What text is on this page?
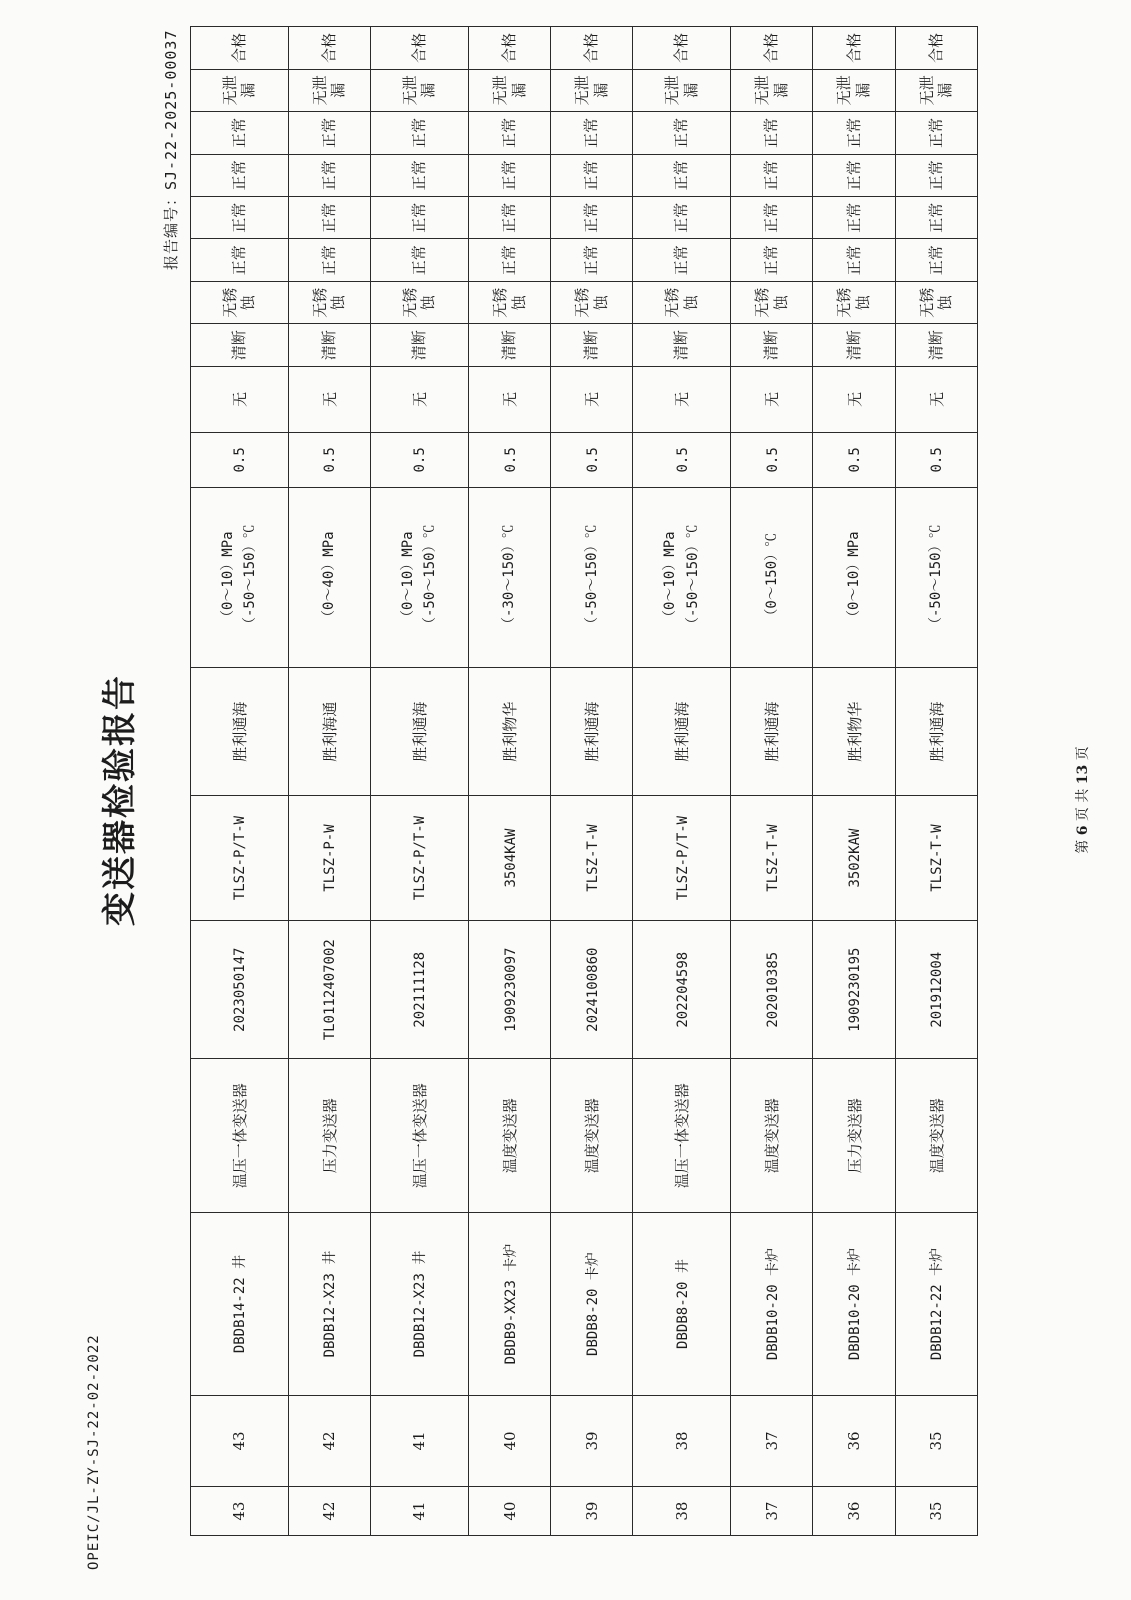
OPEIC/JL-ZY-SJ-22-02-2022
变送器检验报告
报告编号：SJ-22-2025-00037
43	43	DBDB14-22 井	温压一体变送器	2023050147	TLSZ-P/T-W	胜利通海	（0～10）MPa （-50～150）℃	0.5	无	清断	无锈蚀	正常	正常	正常	正常	无泄漏	合格

42	42	DBDB12-X23 井	压力变送器	TL0112407002	TLSZ-P-W	胜利海通	（0～40）MPa	0.5	无	清断	无锈蚀	正常	正常	正常	正常	无泄漏	合格

41	41	DBDB12-X23 井	温压一体变送器	202111128	TLSZ-P/T-W	胜利通海	（0～10）MPa （-50～150）℃	0.5	无	清断	无锈蚀	正常	正常	正常	正常	无泄漏	合格

40	40	DBDB9-XX23 卡炉	温度变送器	1909230097	3504KAW	胜利物华	（-30～150）℃	0.5	无	清断	无锈蚀	正常	正常	正常	正常	无泄漏	合格

39	39	DBDB8-20 卡炉	温度变送器	2024100860	TLSZ-T-W	胜利通海	（-50～150）℃	0.5	无	清断	无锈蚀	正常	正常	正常	正常	无泄漏	合格

38	38	DBDB8-20 井	温压一体变送器	202204598	TLSZ-P/T-W	胜利通海	（0～10）MPa （-50～150）℃	0.5	无	清断	无锈蚀	正常	正常	正常	正常	无泄漏	合格

37	37	DBDB10-20 卡炉	温度变送器	202010385	TLSZ-T-W	胜利通海	（0～150）℃	0.5	无	清断	无锈蚀	正常	正常	正常	正常	无泄漏	合格

36	36	DBDB10-20 卡炉	压力变送器	1909230195	3502KAW	胜利物华	（0～10）MPa	0.5	无	清断	无锈蚀	正常	正常	正常	正常	无泄漏	合格

35	35	DBDB12-22 卡炉	温度变送器	201912004	TLSZ-T-W	胜利通海	（-50～150）℃	0.5	无	清断	无锈蚀	正常	正常	正常	正常	无泄漏	合格
第 6 页 共 13 页
